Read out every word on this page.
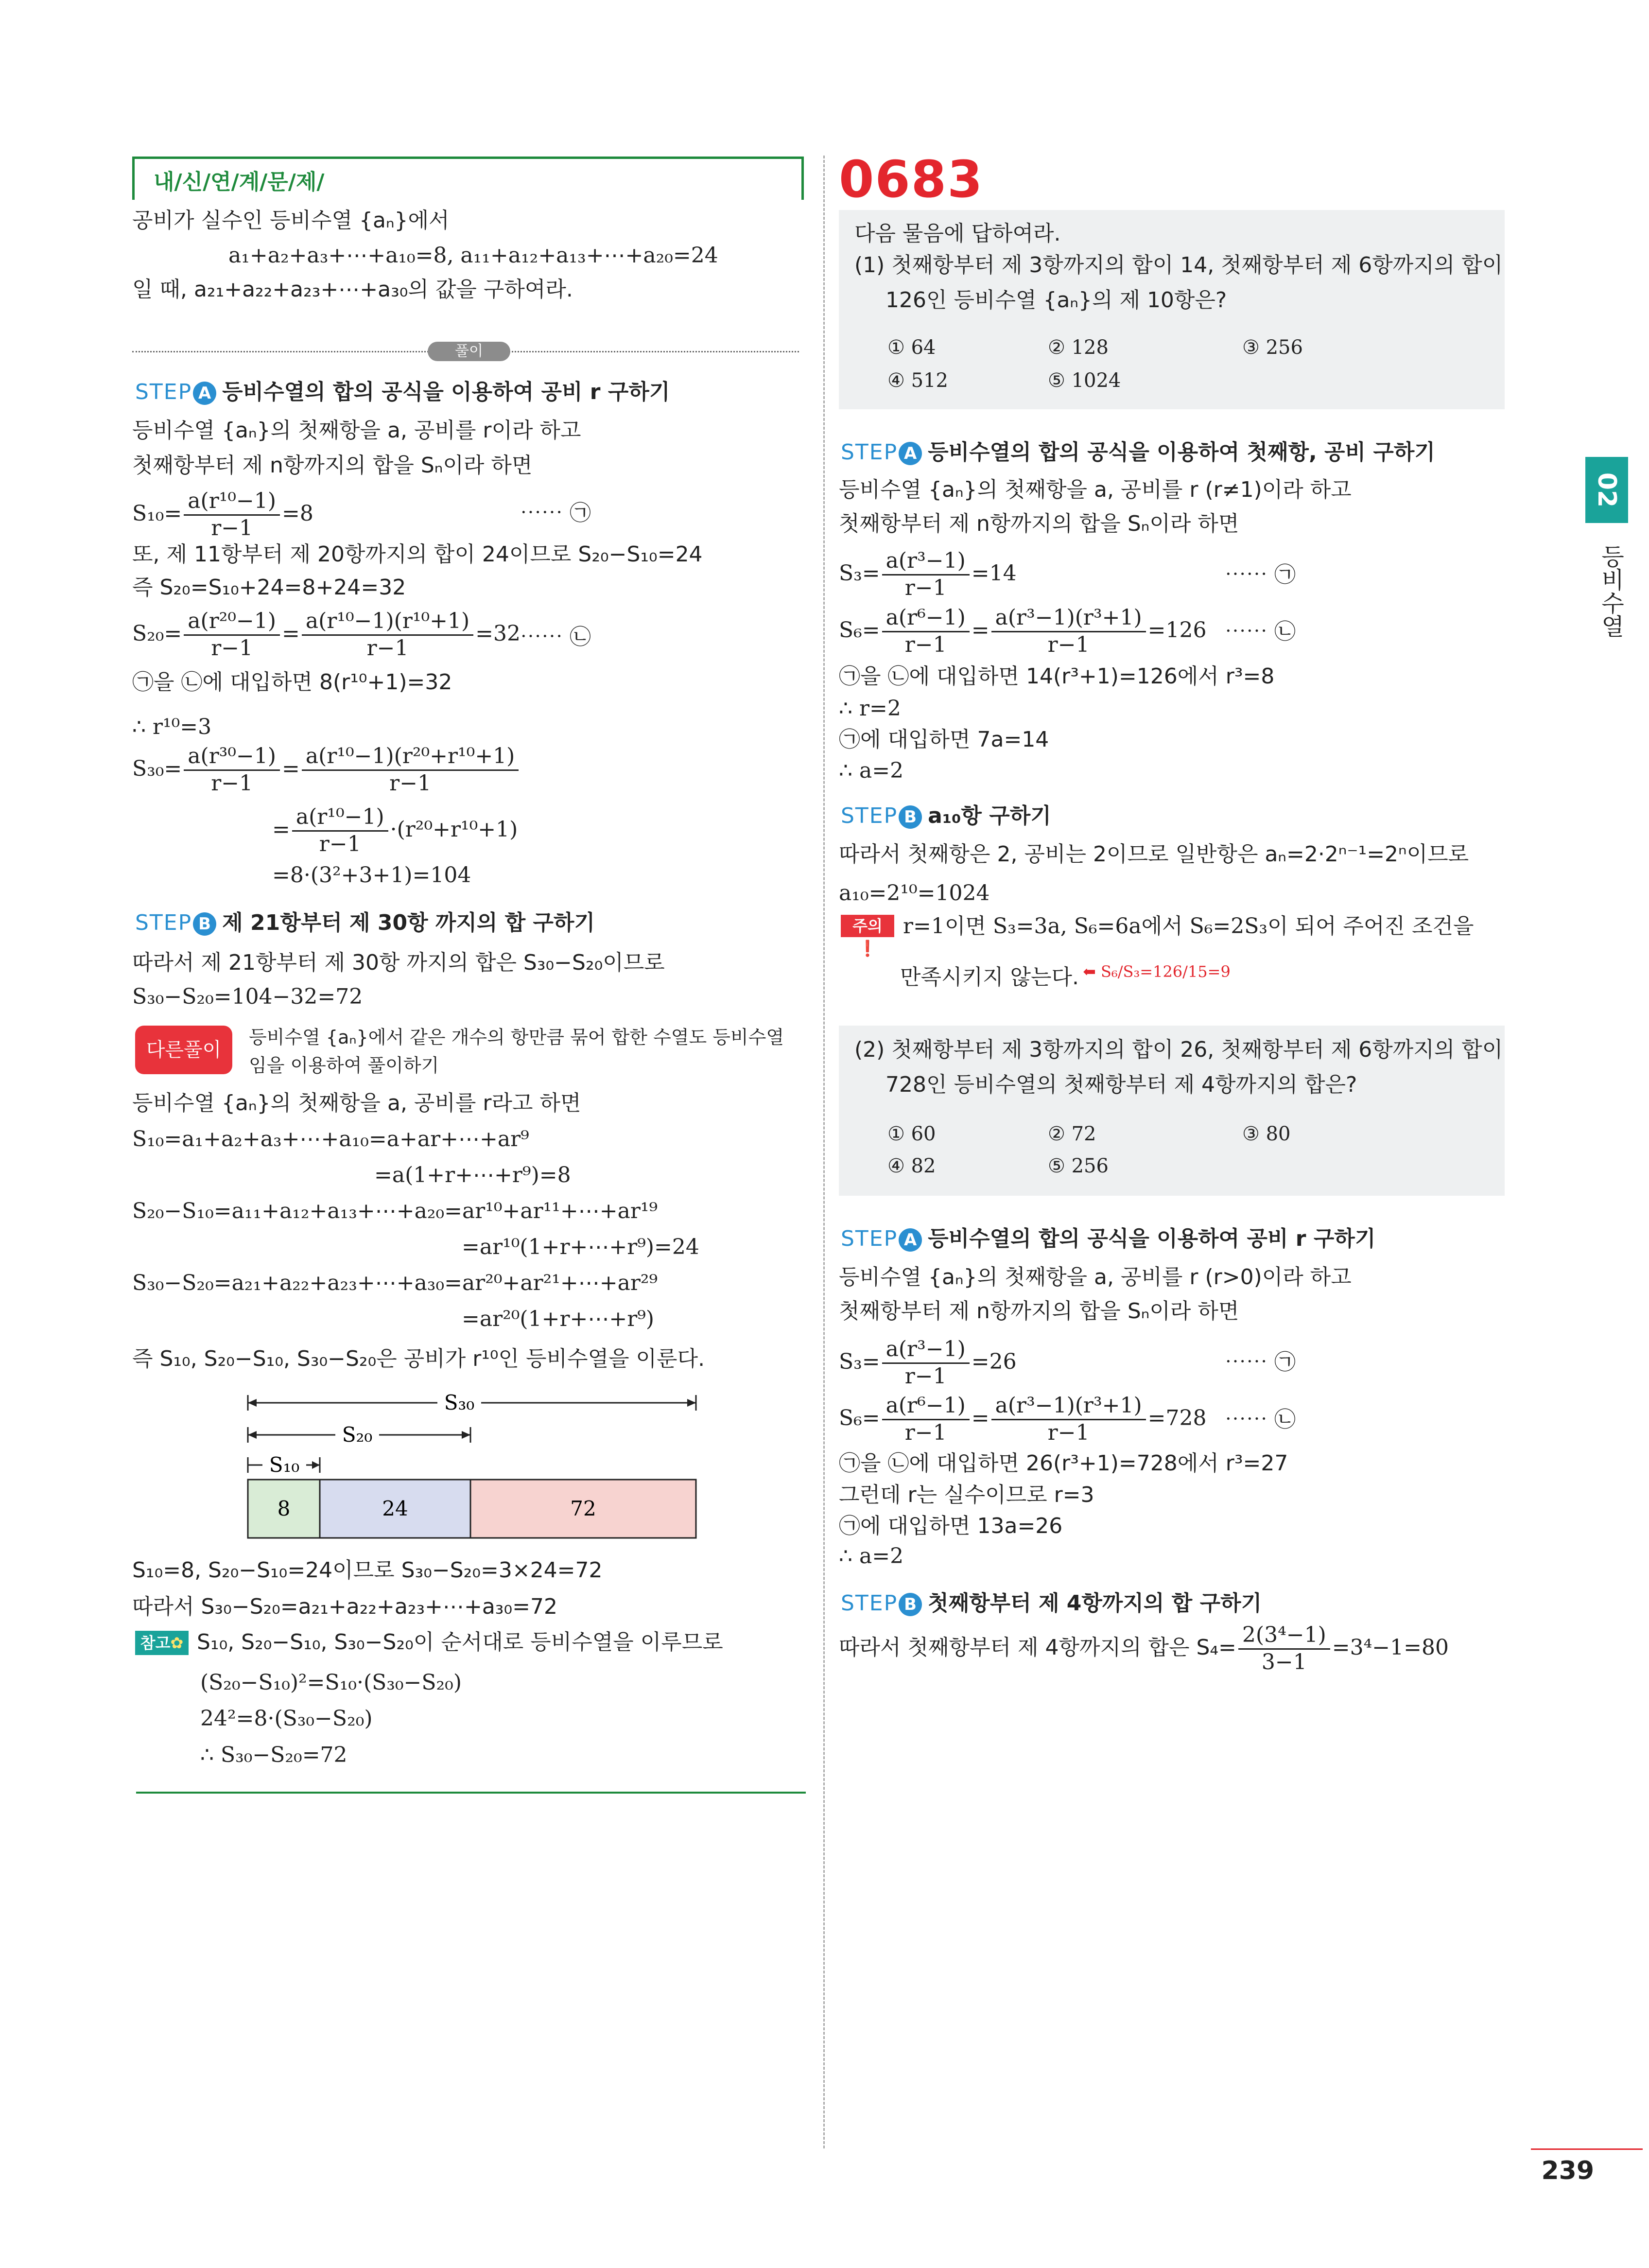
내/신/연/계/문/제/
공비가 실수인 등비수열 {aₙ}에서
a₁+a₂+a₃+⋯+a₁₀=8, a₁₁+a₁₂+a₁₃+⋯+a₂₀=24
일 때, a₂₁+a₂₂+a₂₃+⋯+a₃₀의 값을 구하여라.
풀이
STEP A 등비수열의 합의 공식을 이용하여 공비 r 구하기
등비수열 {aₙ}의 첫째항을 a, 공비를 r이라 하고
첫째항부터 제 n항까지의 합을 Sₙ이라 하면
$S_{10}= \frac{\text{a(r¹⁰−1)}}{r-1} =8$	⋯⋯ ㉠
또, 제 11항부터 제 20항까지의 합이 24이므로 S₂₀−S₁₀=24
즉 S₂₀=S₁₀+24=8+24=32
$S_{20}= \frac{\text{a(r²⁰−1)}}{r-1} = \frac{\text{a(r¹⁰−1)(r¹⁰+1)}}{r-1} =32$
⋯⋯ ㉡
㉠을 ㉡에 대입하면 8(r¹⁰+1)=32
∴ r¹⁰=3
$S_{30}= \frac{\text{a(r³⁰−1)}}{r-1} = \frac{\text{a(r¹⁰−1)(r²⁰+r¹⁰+1)}}{r-1}$
= $\frac{\text{a(r¹⁰−1)}}{r-1} \cdot(r^{20}+r^{10}+1)$
=8·(3²+3+1)=104
STEP B 제 21항부터 제 30항 까지의 합 구하기
따라서 제 21항부터 제 30항 까지의 합은 S₃₀−S₂₀이므로
S₃₀−S₂₀=104−32=72
다른풀이
등비수열 {aₙ}에서 같은 개수의 항만큼 묶어 합한 수열도 등비수열
임을 이용하여 풀이하기
등비수열 {aₙ}의 첫째항을 a, 공비를 r라고 하면
S₁₀=a₁+a₂+a₃+⋯+a₁₀=a+ar+⋯+ar⁹
=a(1+r+⋯+r⁹)=8
S₂₀−S₁₀=a₁₁+a₁₂+a₁₃+⋯+a₂₀=ar¹⁰+ar¹¹+⋯+ar¹⁹
=ar¹⁰(1+r+⋯+r⁹)=24
S₃₀−S₂₀=a₂₁+a₂₂+a₂₃+⋯+a₃₀=ar²⁰+ar²¹+⋯+ar²⁹
=ar²⁰(1+r+⋯+r⁹)
즉 S₁₀, S₂₀−S₁₀, S₃₀−S₂₀은 공비가 r¹⁰인 등비수열을 이룬다.
S₃₀
S₂₀
S₁₀
8	24	72
S₁₀=8, S₂₀−S₁₀=24이므로 S₃₀−S₂₀=3×24=72
따라서 S₃₀−S₂₀=a₂₁+a₂₂+a₂₃+⋯+a₃₀=72
참고✿ S₁₀, S₂₀−S₁₀, S₃₀−S₂₀이 순서대로 등비수열을 이루므로
(S₂₀−S₁₀)²=S₁₀·(S₃₀−S₂₀)
24²=8·(S₃₀−S₂₀)
∴ S₃₀−S₂₀=72
0683
다음 물음에 답하여라.
(1) 첫째항부터 제 3항까지의 합이 14, 첫째항부터 제 6항까지의 합이
126인 등비수열 {aₙ}의 제 10항은?
① 64	② 128	③ 256
④ 512	⑤ 1024
STEP A 등비수열의 합의 공식을 이용하여 첫째항, 공비 구하기
등비수열 {aₙ}의 첫째항을 a, 공비를 r (r≠1)이라 하고
첫째항부터 제 n항까지의 합을 Sₙ이라 하면
$S_3= \frac{\text{a(r³−1)}}{r-1} =14$	⋯⋯ ㉠
$S_6= \frac{\text{a(r⁶−1)}}{r-1} = \frac{\text{a(r³−1)(r³+1)}}{r-1} =126$ ⋯⋯ ㉡
㉠을 ㉡에 대입하면 14(r³+1)=126에서 r³=8
∴ r=2
㉠에 대입하면 7a=14
∴ a=2
STEP B a₁₀항 구하기
따라서 첫째항은 2, 공비는 2이므로 일반항은 aₙ=2·2ⁿ⁻¹=2ⁿ이므로
a₁₀=2¹⁰=1024
주의 ❗
r=1이면 S₃=3a, S₆=6a에서 S₆=2S₃이 되어 주어진 조건을
만족시키지 않는다. ⬅ S₆/S₃=126/15=9
(2) 첫째항부터 제 3항까지의 합이 26, 첫째항부터 제 6항까지의 합이
728인 등비수열의 첫째항부터 제 4항까지의 합은?
① 60	② 72	③ 80
④ 82	⑤ 256
STEP A 등비수열의 합의 공식을 이용하여 공비 r 구하기
등비수열 {aₙ}의 첫째항을 a, 공비를 r (r>0)이라 하고
첫째항부터 제 n항까지의 합을 Sₙ이라 하면
$S_3= \frac{\text{a(r³−1)}}{r-1} =26$	⋯⋯ ㉠
$S_6= \frac{\text{a(r⁶−1)}}{r-1} = \frac{\text{a(r³−1)(r³+1)}}{r-1} =728$ ⋯⋯ ㉡
㉠을 ㉡에 대입하면 26(r³+1)=728에서 r³=27
그런데 r는 실수이므로 r=3
㉠에 대입하면 13a=26
∴ a=2
STEP B 첫째항부터 제 4항까지의 합 구하기
따라서 첫째항부터 제 4항까지의 합은 $S_4= \frac{\text{2(3⁴−1)}}{3-1} =3^4-1=80$
02
등비수열
239
